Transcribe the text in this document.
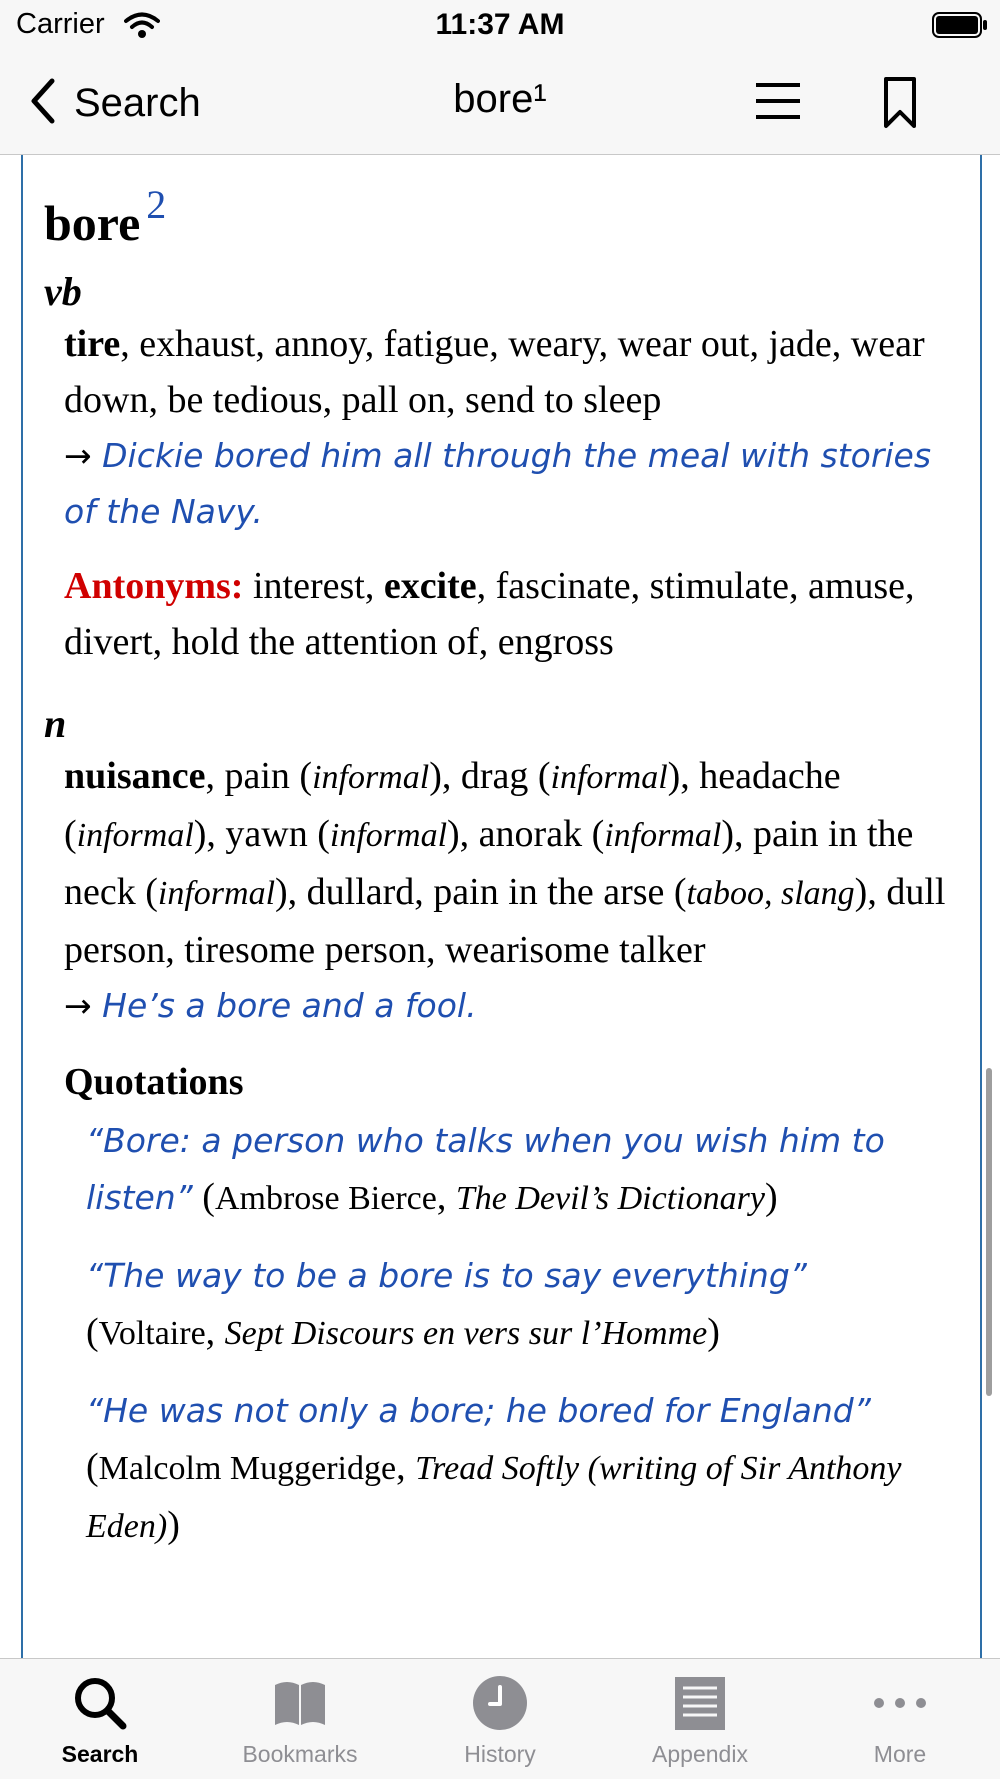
Carrier	11:37 AM
Search	bore¹
bore $^2$
vb
tire, exhaust, annoy, fatigue, weary, wear out, jade, wear down, be tedious, pall on, send to sleep
→ Dickie bored him all through the meal with stories of the Navy.
Antonyms: interest, excite, fascinate, stimulate, amuse, divert, hold the attention of, engross
n
nuisance, pain (informal), drag (informal), headache (informal), yawn (informal), anorak (informal), pain in the neck (informal), dullard, pain in the arse (taboo, slang), dull person, tiresome person, wearisome talker
→ He’s a bore and a fool.
Quotations
“Bore: a person who talks when you wish him to listen” (Ambrose Bierce, The Devil’s Dictionary)
“The way to be a bore is to say everything”
(Voltaire, Sept Discours en vers sur l’Homme)
“He was not only a bore; he bored for England”
(Malcolm Muggeridge, Tread Softly (writing of Sir Anthony Eden))
Search	Bookmarks	History	Appendix	More
